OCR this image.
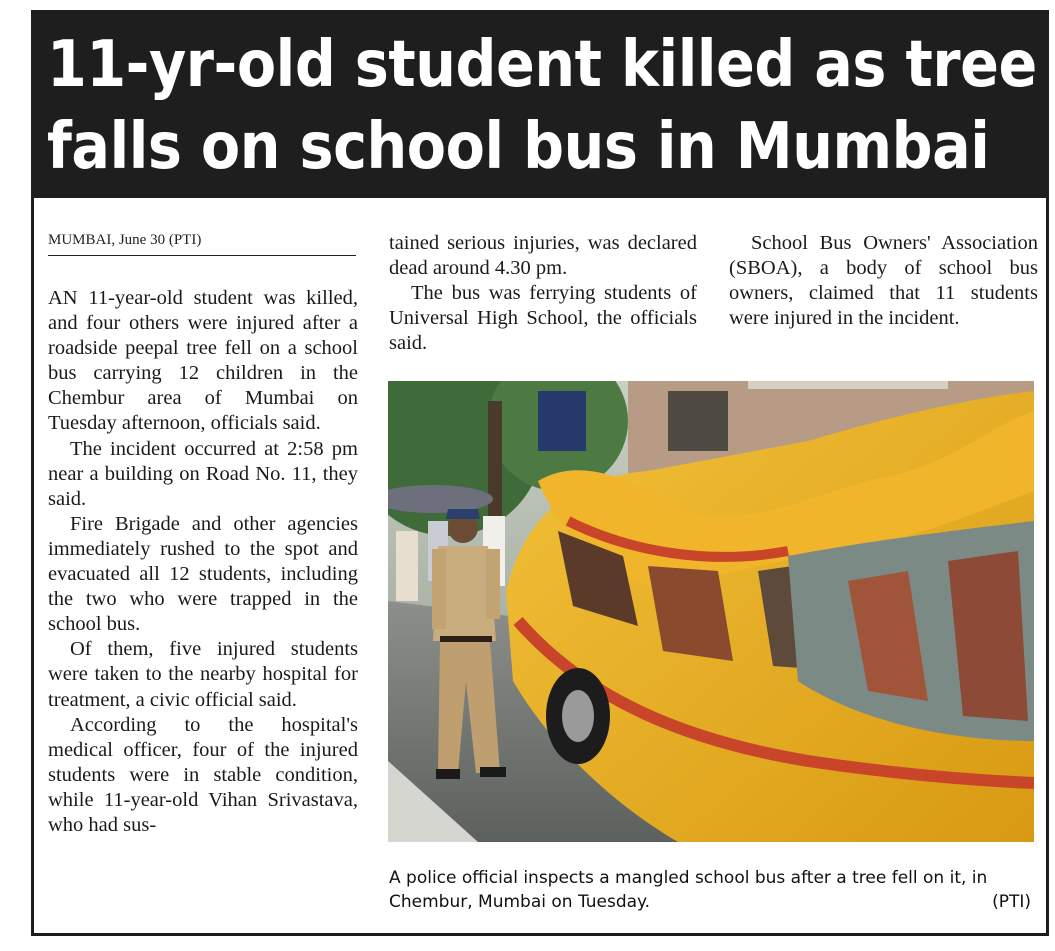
11-yr-old student killed as tree
falls on school bus in Mumbai
MUMBAI, June 30 (PTI)

AN 11-year-old student was killed, and four others were injured after a roadside peepal tree fell on a school bus carrying 12 children in the Chembur area of Mumbai on Tuesday afternoon, officials said.

The incident occurred at 2:58 pm near a building on Road No. 11, they said.

Fire Brigade and other agencies immediately rushed to the spot and evacuated all 12 students, including the two who were trapped in the school bus.

Of them, five injured students were taken to the nearby hospital for treatment, a civic official said.

According to the hospital's medical officer, four of the injured students were in stable condition, while 11-year-old Vihan Srivastava, who had sus-

tained serious injuries, was declared dead around 4.30 pm.

The bus was ferrying students of Universal High School, the officials said.

School Bus Owners' Association (SBOA), a body of school bus owners, claimed that 11 students were injured in the incident.

A police official inspects a mangled school bus after a tree fell on it, in Chembur, Mumbai on Tuesday.	(PTI)
